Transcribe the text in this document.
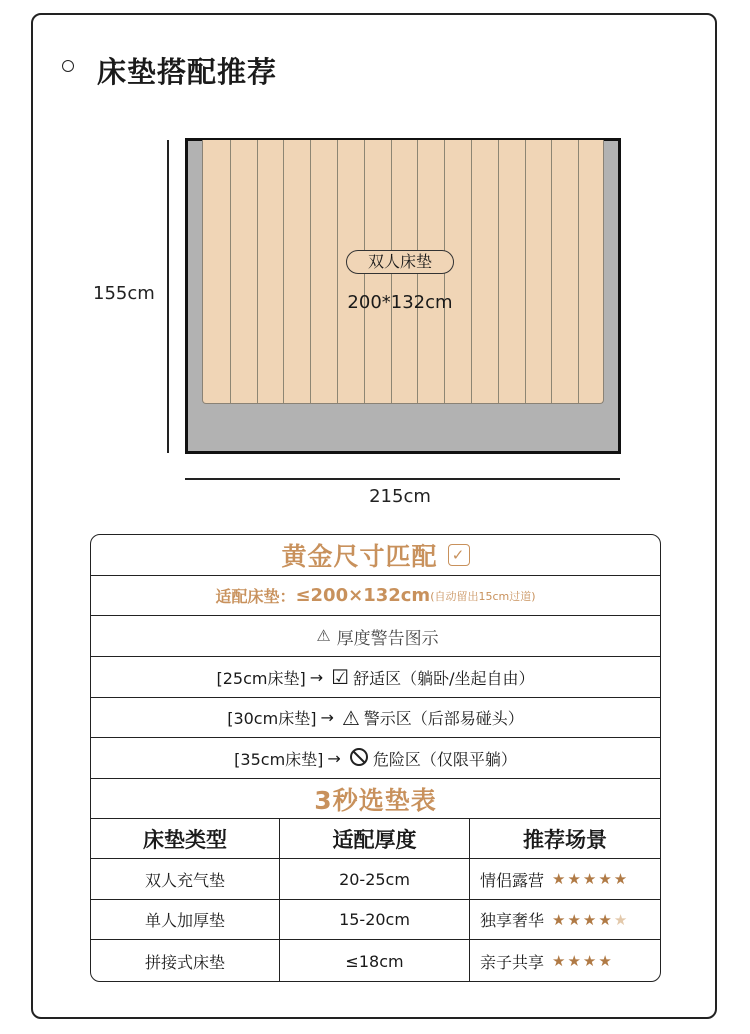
床垫搭配推荐
155cm
双人床垫
200*132cm
215cm
黄金尺寸匹配 ✓
适配床垫： ≤200×132cm (自动留出15cm过道)
⚠ 厚度警告图示
[25cm床垫] → ☑ 舒适区（躺卧/坐起自由）
[30cm床垫] → ⚠ 警示区（后部易碰头）
[35cm床垫] → 危险区（仅限平躺）
3秒选垫表
床垫类型	适配厚度	推荐场景
双人充气垫	20-25cm	情侣露营 ★★★★★
单人加厚垫	15-20cm	独享奢华 ★★★★★
拼接式床垫	≤18cm	亲子共享 ★★★★
